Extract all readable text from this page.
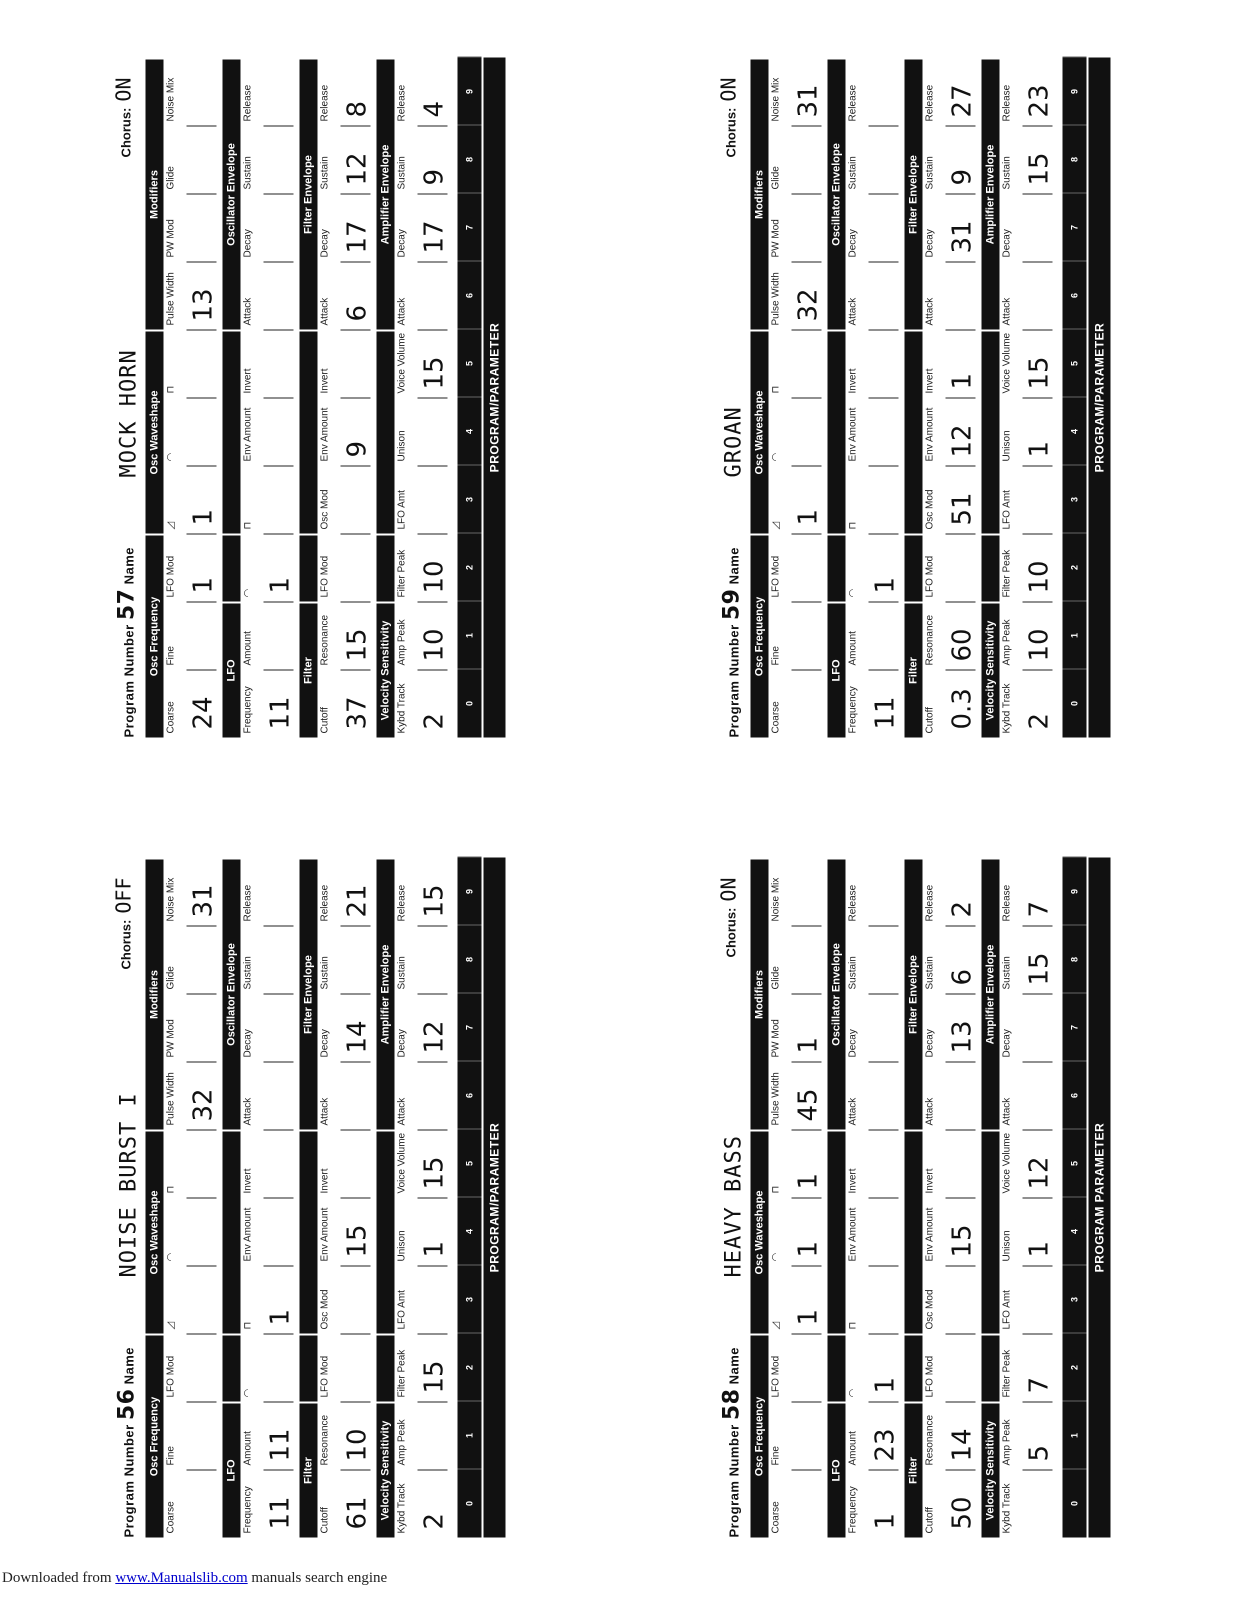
Program Number 56 Name
NOISE BURST I
Chorus:OFF
Osc Frequency
Osc Waveshape
Modifiers
Coarse
Fine
LFO Mod
◿
◠
⊓
Pulse Width 32
PW Mod
Glide
Noise Mix 31
LFO
Oscillator Envelope
Frequency 11
Amount 11
◠
⊓
1
Env Amount
Invert
Attack
Decay
Sustain
Release
Filter
Filter Envelope
Cutoff 61
Resonance 10
LFO Mod
Osc Mod
Env Amount 15
Invert
Attack
Decay 14
Sustain
Release 21
Velocity Sensitivity
Amplifier Envelope
Kybd Track 2
Amp Peak
Filter Peak 15
LFO Amt
Unison 1
Voice Volume 15
Attack
Decay 12
Sustain
Release 15
0
1
2
3
4
5
6
7
8
9
PROGRAM/PARAMETER
Program Number 57 Name
MOCK HORN
Chorus:ON
Osc Frequency
Osc Waveshape
Modifiers
Coarse 24
Fine
LFO Mod 1
◿
1
◠
⊓
Pulse Width 13
PW Mod
Glide
Noise Mix
LFO
Oscillator Envelope
Frequency 11
Amount
◠ 1
⊓
Env Amount
Invert
Attack
Decay
Sustain
Release
Filter
Filter Envelope
Cutoff 37
Resonance 15
LFO Mod
Osc Mod
Env Amount 9
Invert
Attack 6
Decay 17
Sustain 12
Release 8
Velocity Sensitivity
Amplifier Envelope
Kybd Track 2
Amp Peak 10
Filter Peak 10
LFO Amt
Unison
Voice Volume 15
Attack
Decay 17
Sustain 9
Release 4
0
1
2
3
4
5
6
7
8
9
PROGRAM/PARAMETER
Program Number 58 Name
HEAVY BASS
Chorus:ON
Osc Frequency
Osc Waveshape
Modifiers
Coarse
Fine
LFO Mod
◿
1
◠ 1
⊓
1
Pulse Width 45
PW Mod 1
Glide
Noise Mix
LFO
Oscillator Envelope
Frequency 1
Amount 23
◠ 1
⊓
Env Amount
Invert
Attack
Decay
Sustain
Release
Filter
Filter Envelope
Cutoff 50
Resonance 14
LFO Mod
Osc Mod
Env Amount 15
Invert
Attack
Decay 13
Sustain 6
Release 2
Velocity Sensitivity
Amplifier Envelope
Kybd Track
Amp Peak 5
Filter Peak 7
LFO Amt
Unison 1
Voice Volume 12
Attack
Decay
Sustain 15
Release 7
0
1
2
3
4
5
6
7
8
9
PROGRAM PARAMETER
Program Number 59 Name
GROAN
Chorus:ON
Osc Frequency
Osc Waveshape
Modifiers
Coarse
Fine
LFO Mod
◿
1
◠
⊓
Pulse Width 32
PW Mod
Glide
Noise Mix 31
LFO
Oscillator Envelope
Frequency 11
Amount
◠ 1
⊓
Env Amount
Invert
Attack
Decay
Sustain
Release
Filter
Filter Envelope
Cutoff 0.3
Resonance 60
LFO Mod
Osc Mod 51
Env Amount 12
Invert 1
Attack
Decay 31
Sustain 9
Release 27
Velocity Sensitivity
Amplifier Envelope
Kybd Track 2
Amp Peak 10
Filter Peak 10
LFO Amt
Unison 1
Voice Volume 15
Attack
Decay
Sustain 15
Release 23
0
1
2
3
4
5
6
7
8
9
PROGRAM/PARAMETER
Downloaded from www.Manualslib.com manuals search engine
